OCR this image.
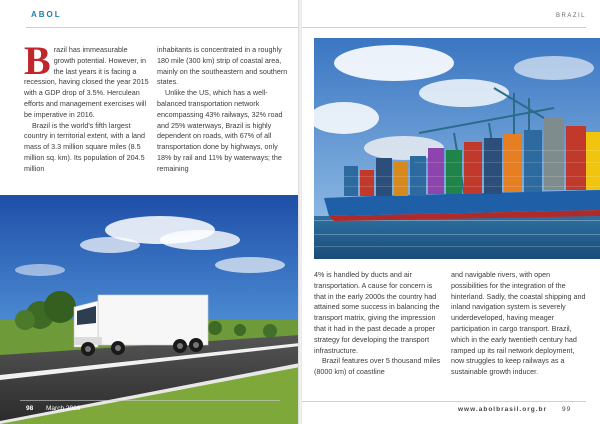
ABOL
B razil has immeasurable growth potential. However, in the last years it is facing a recession, having closed the year 2015 with a GDP drop of 3.5%. Herculean efforts and management exercises will be imperative in 2016.

Brazil is the world's fifth largest country in territorial extent, with a land mass of 3.3 million square miles (8.5 million sq. km). Its population of 204.5 million

inhabitants is concentrated in a roughly 180 mile (300 km) strip of coastal area, mainly on the southeastern and southern states.

Unlike the US, which has a well-balanced transportation network encompassing 43% railways, 32% road and 25% waterways, Brazil is highly dependent on roads, with 67% of all transportation done by highways, only 18% by rail and 11% by waterways; the remaining

98 March 2016
BRAZIL

4% is handled by ducts and air transportation. A cause for concern is that in the early 2000s the country had attained some success in balancing the transport matrix, giving the impression that it had in the past decade a proper strategy for developing the transport infrastructure.

Brazil features over 5 thousand miles (8000 km) of coastline

and navigable rivers, with open possibilities for the integration of the hinterland. Sadly, the coastal shipping and inland navigation system is severely underdeveloped, having meager participation in cargo transport. Brazil, which in the early twentieth century had ramped up its rail network deployment, now struggles to keep railways as a sustainable growth inducer.

www.abolbrasil.org.br 99
